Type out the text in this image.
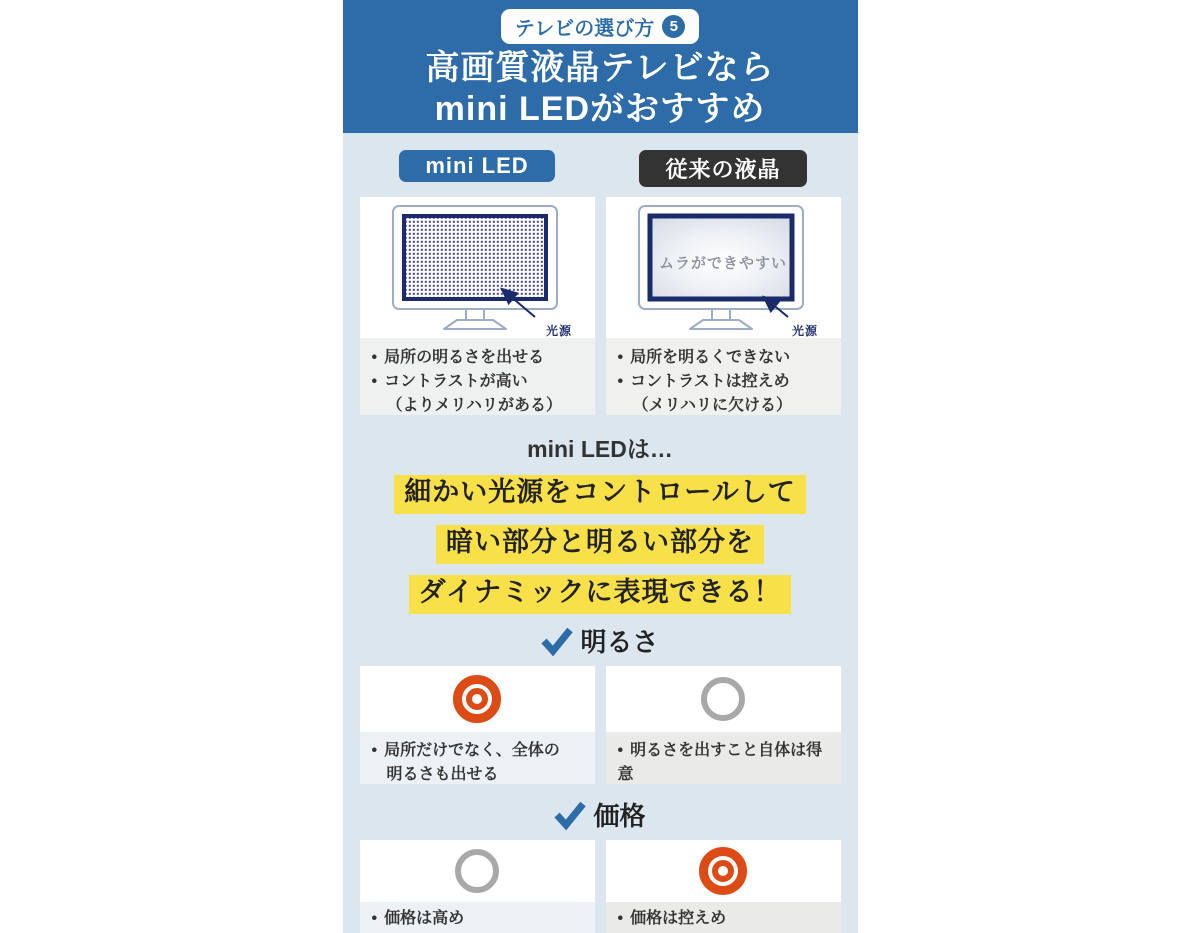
テレビの選び方	5
高画質液晶テレビなら
mini LEDがおすすめ
mini LED	従来の液晶
光源
• 局所の明るさを出せる
• コントラストが高い
（よりメリハリがある）
ムラができやすい
光源
• 局所を明るくできない
• コントラストは控えめ
（メリハリに欠ける）
mini LEDは…
細かい光源をコントロールして
暗い部分と明るい部分を
ダイナミックに表現できる！
明るさ
• 局所だけでなく、全体の
明るさも出せる
• 明るさを出すこと自体は得意
価格
• 価格は高め	• 価格は控えめ
